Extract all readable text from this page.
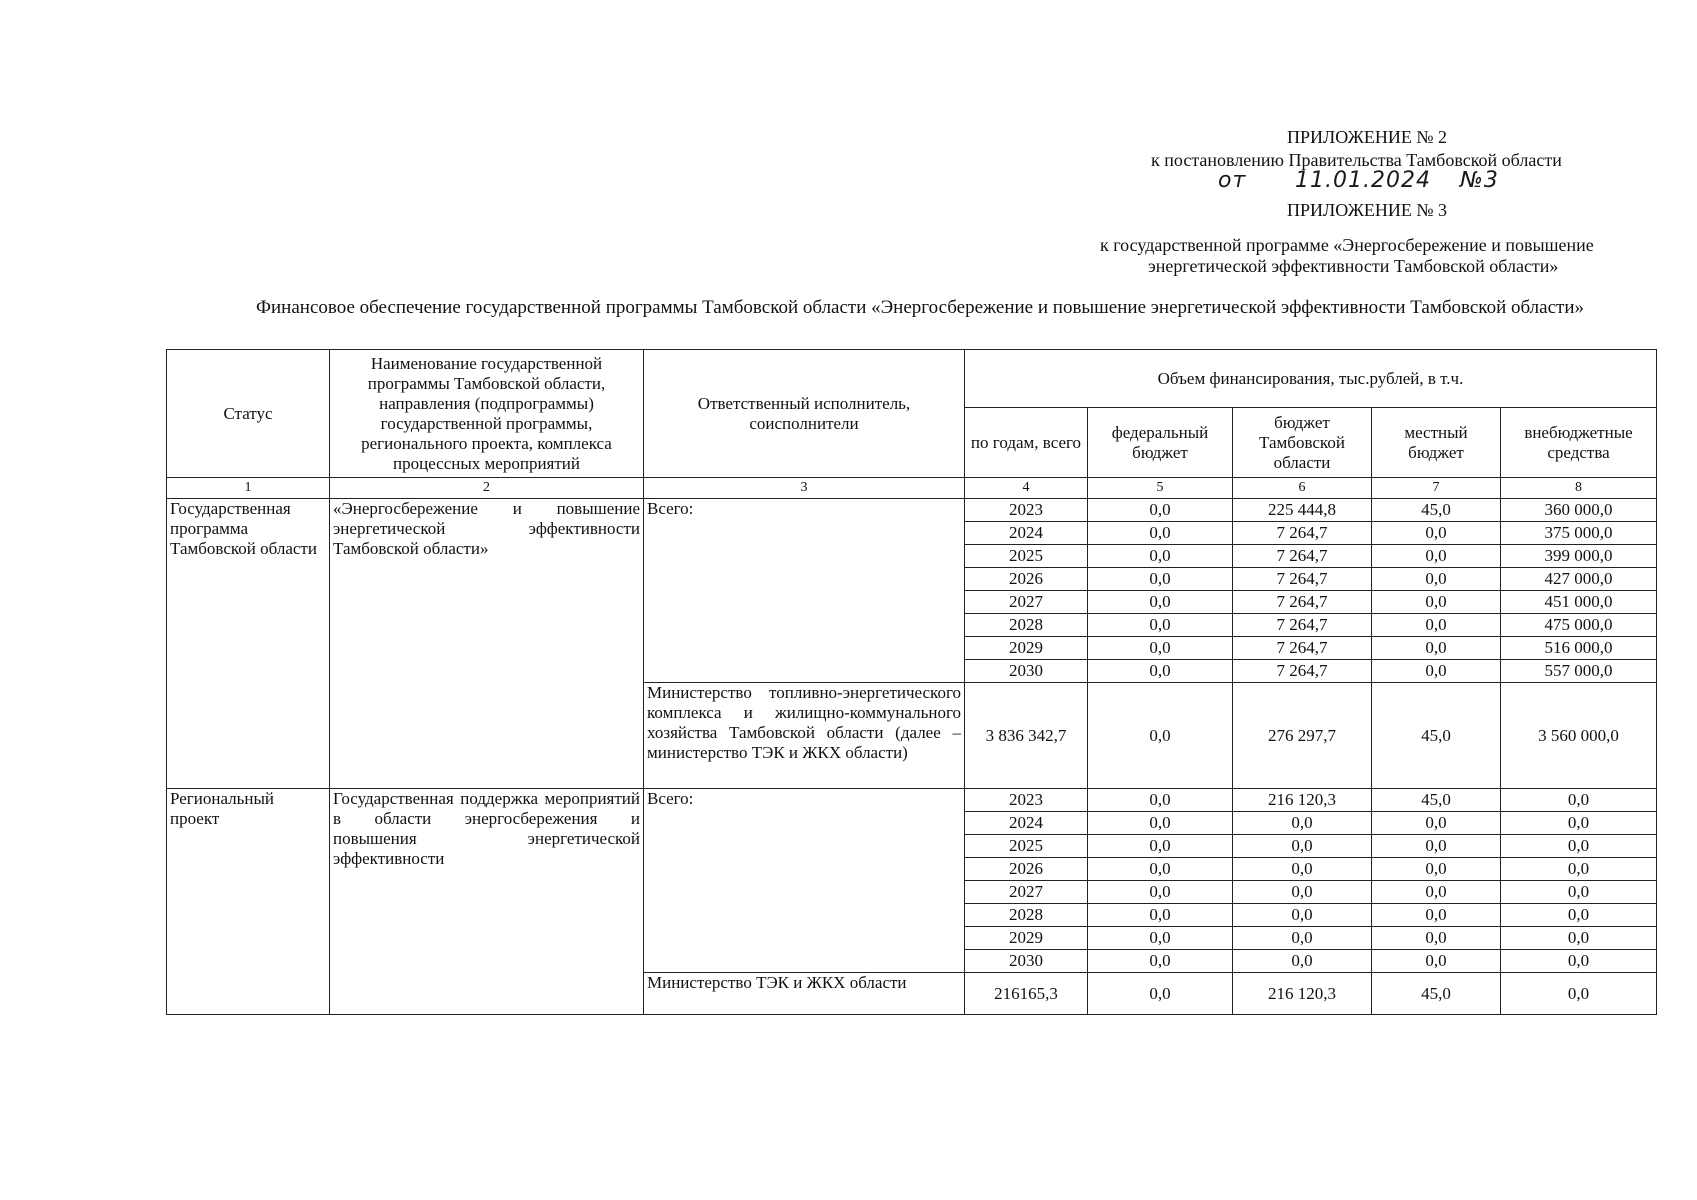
ПРИЛОЖЕНИЕ № 2
к постановлению Правительства Тамбовской области
от 11.01.2024 №3
ПРИЛОЖЕНИЕ № 3
к государственной программе «Энергосбережение и повышение
энергетической эффективности Тамбовской области»
Финансовое обеспечение государственной программы Тамбовской области «Энергосбережение и повышение энергетической эффективности Тамбовской области»
Статус	Наименование государственной программы Тамбовской области, направления (подпрограммы) государственной программы, регионального проекта, комплекса процессных мероприятий	Ответственный исполнитель, соисполнители	Объем финансирования, тыс.рублей, в т.ч.				
			по годам, всего	федеральный бюджет	бюджет Тамбовской области	местный бюджет	внебюджетные средства
1	2	3	4	5	6	7	8
Государственная программа Тамбовской области	«Энергосбережение и повышение энергетической эффективности Тамбовской области»	Всего:	2023	0,0	225 444,8	45,0	360 000,0
			2024	0,0	7 264,7	0,0	375 000,0
			2025	0,0	7 264,7	0,0	399 000,0
			2026	0,0	7 264,7	0,0	427 000,0
			2027	0,0	7 264,7	0,0	451 000,0
			2028	0,0	7 264,7	0,0	475 000,0
			2029	0,0	7 264,7	0,0	516 000,0
			2030	0,0	7 264,7	0,0	557 000,0
		Министерство топливно-энергетического комплекса и жилищно-коммунального хозяйства Тамбовской области (далее – министерство ТЭК и ЖКХ области)	3 836 342,7	0,0	276 297,7	45,0	3 560 000,0
Региональный проект	Государственная поддержка мероприятий в области энергосбережения и повышения энергетической эффективности	Всего:	2023	0,0	216 120,3	45,0	0,0
			2024	0,0	0,0	0,0	0,0
			2025	0,0	0,0	0,0	0,0
			2026	0,0	0,0	0,0	0,0
			2027	0,0	0,0	0,0	0,0
			2028	0,0	0,0	0,0	0,0
			2029	0,0	0,0	0,0	0,0
			2030	0,0	0,0	0,0	0,0
		Министерство ТЭК и ЖКХ области	216165,3	0,0	216 120,3	45,0	0,0
